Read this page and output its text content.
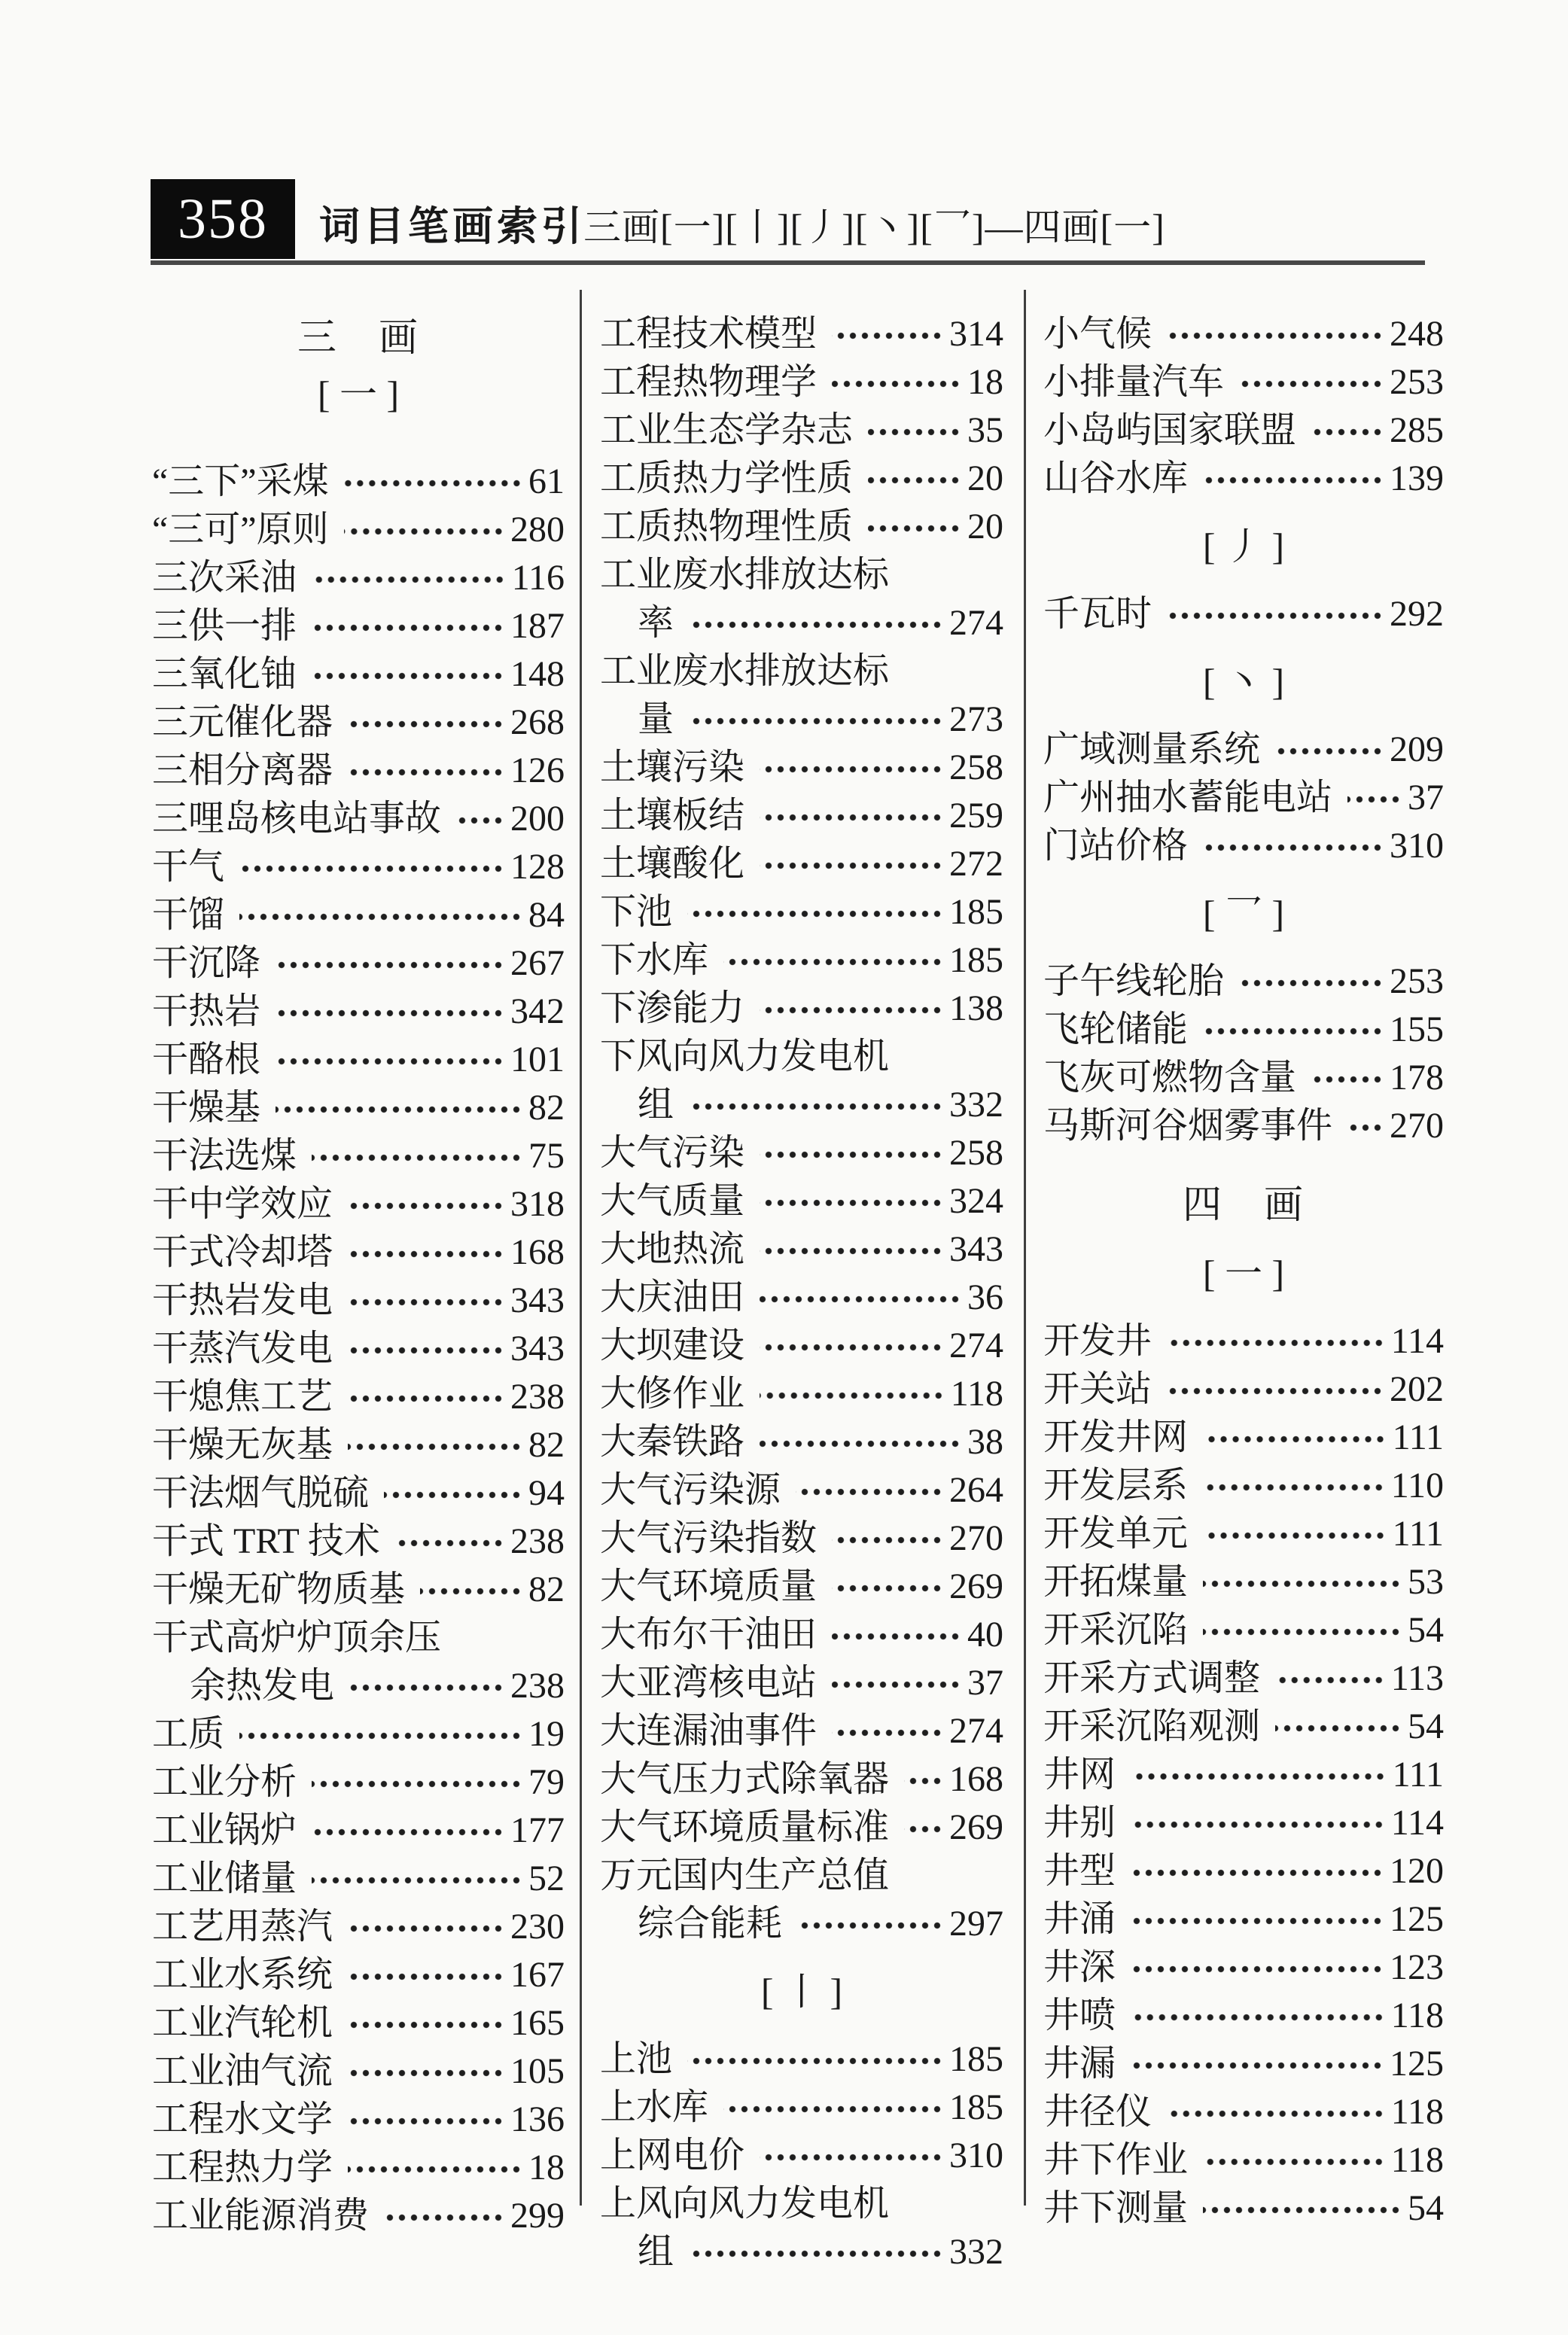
358 词目笔画索引
三画[一][丨][丿][丶][乛]—四画[一]
三　画
[ 一 ]
“三下”采煤	61
“三可”原则	280
三次采油	116
三供一排	187
三氧化铀	148
三元催化器	268
三相分离器	126
三哩岛核电站事故 200
干气	128
干馏	84
干沉降	267
干热岩	342
干酪根	101
干燥基	82
干法选煤	75
干中学效应	318
干式冷却塔	168
干热岩发电	343
干蒸汽发电	343
干熄焦工艺	238
干燥无灰基	82
干法烟气脱硫	94
干式 TRT 技术	238
干燥无矿物质基	82
干式高炉炉顶余压
余热发电	238
工质	19
工业分析	79
工业锅炉	177
工业储量	52
工艺用蒸汽	230
工业水系统	167
工业汽轮机	165
工业油气流	105
工程水文学	136
工程热力学	18
工业能源消费	299
工程技术模型	314
工程热物理学	18
工业生态学杂志	35
工质热力学性质	20
工质热物理性质	20
工业废水排放达标
率	274
工业废水排放达标
量	273
土壤污染	258
土壤板结	259
土壤酸化	272
下池	185
下水库	185
下渗能力	138
下风向风力发电机
组	332
大气污染	258
大气质量	324
大地热流	343
大庆油田	36
大坝建设	274
大修作业	118
大秦铁路	38
大气污染源	264
大气污染指数	270
大气环境质量	269
大布尔干油田	40
大亚湾核电站	37
大连漏油事件	274
大气压力式除氧器 168
大气环境质量标准 269
万元国内生产总值
综合能耗	297
[ 丨 ]
上池	185
上水库	185
上网电价	310
上风向风力发电机
组	332
小气候	248
小排量汽车	253
小岛屿国家联盟	285
山谷水库	139
[ 丿 ]
千瓦时	292
[ 丶 ]
广域测量系统	209
广州抽水蓄能电站 37
门站价格	310
[ 乛 ]
子午线轮胎	253
飞轮储能	155
飞灰可燃物含量	178
马斯河谷烟雾事件 270
四　画
[ 一 ]
开发井	114
开关站	202
开发井网	111
开发层系	110
开发单元	111
开拓煤量	53
开采沉陷	54
开采方式调整	113
开采沉陷观测	54
井网	111
井别	114
井型	120
井涌	125
井深	123
井喷	118
井漏	125
井径仪	118
井下作业	118
井下测量	54
